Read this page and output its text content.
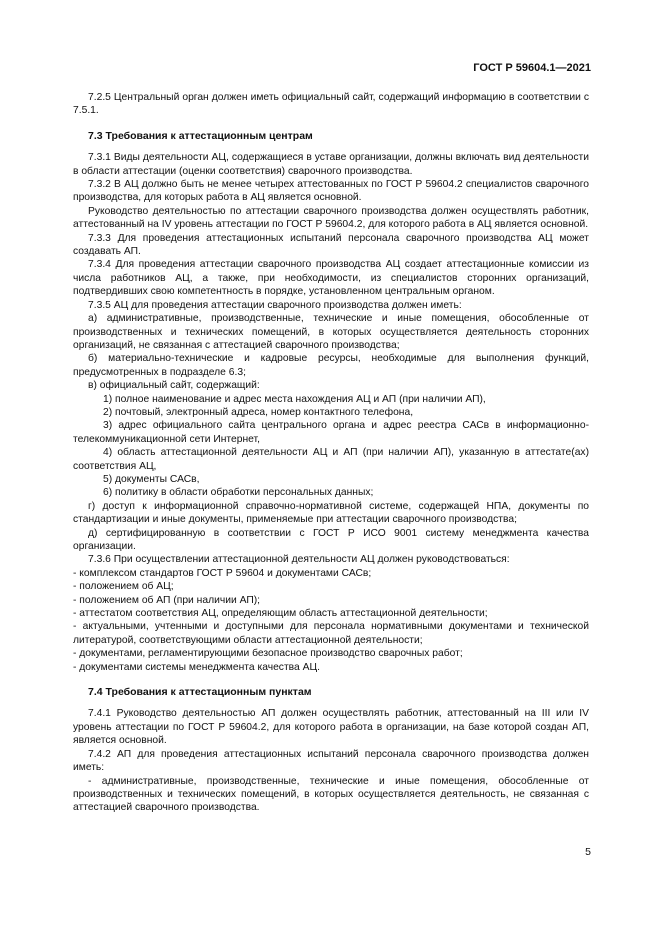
ГОСТ Р 59604.1—2021

7.2.5 Центральный орган должен иметь официальный сайт, содержащий информацию в соответствии с 7.5.1.

7.3 Требования к аттестационным центрам

7.3.1 Виды деятельности АЦ, содержащиеся в уставе организации, должны включать вид деятельности в области аттестации (оценки соответствия) сварочного производства.

7.3.2 В АЦ должно быть не менее четырех аттестованных по ГОСТ Р 59604.2 специалистов сварочного производства, для которых работа в АЦ является основной.

Руководство деятельностью по аттестации сварочного производства должен осуществлять работник, аттестованный на IV уровень аттестации по ГОСТ Р 59604.2, для которого работа в АЦ является основной.

7.3.3 Для проведения аттестационных испытаний персонала сварочного производства АЦ может создавать АП.

7.3.4 Для проведения аттестации сварочного производства АЦ создает аттестационные комиссии из числа работников АЦ, а также, при необходимости, из специалистов сторонних организаций, подтвердивших свою компетентность в порядке, установленном центральным органом.

7.3.5 АЦ для проведения аттестации сварочного производства должен иметь:

а) административные, производственные, технические и иные помещения, обособленные от производственных и технических помещений, в которых осуществляется деятельность сторонних организаций, не связанная с аттестацией сварочного производства;

б) материально-технические и кадровые ресурсы, необходимые для выполнения функций, предусмотренных в подразделе 6.3;

в) официальный сайт, содержащий:

1) полное наименование и адрес места нахождения АЦ и АП (при наличии АП),

2) почтовый, электронный адреса, номер контактного телефона,

3) адрес официального сайта центрального органа и адрес реестра САСв в информационно-телекоммуникационной сети Интернет,

4) область аттестационной деятельности АЦ и АП (при наличии АП), указанную в аттестате(ах) соответствия АЦ,

5) документы САСв,

6) политику в области обработки персональных данных;

г) доступ к информационной справочно-нормативной системе, содержащей НПА, документы по стандартизации и иные документы, применяемые при аттестации сварочного производства;

д) сертифицированную в соответствии с ГОСТ Р ИСО 9001 систему менеджмента качества организации.

7.3.6 При осуществлении аттестационной деятельности АЦ должен руководствоваться:

- комплексом стандартов ГОСТ Р 59604 и документами САСв;

- положением об АЦ;

- положением об АП (при наличии АП);

- аттестатом соответствия АЦ, определяющим область аттестационной деятельности;

- актуальными, учтенными и доступными для персонала нормативными документами и технической литературой, соответствующими области аттестационной деятельности;

- документами, регламентирующими безопасное производство сварочных работ;

- документами системы менеджмента качества АЦ.

7.4 Требования к аттестационным пунктам

7.4.1 Руководство деятельностью АП должен осуществлять работник, аттестованный на III или IV уровень аттестации по ГОСТ Р 59604.2, для которого работа в организации, на базе которой создан АП, является основной.

7.4.2 АП для проведения аттестационных испытаний персонала сварочного производства должен иметь:

- административные, производственные, технические и иные помещения, обособленные от производственных и технических помещений, в которых осуществляется деятельность, не связанная с аттестацией сварочного производства.

5
